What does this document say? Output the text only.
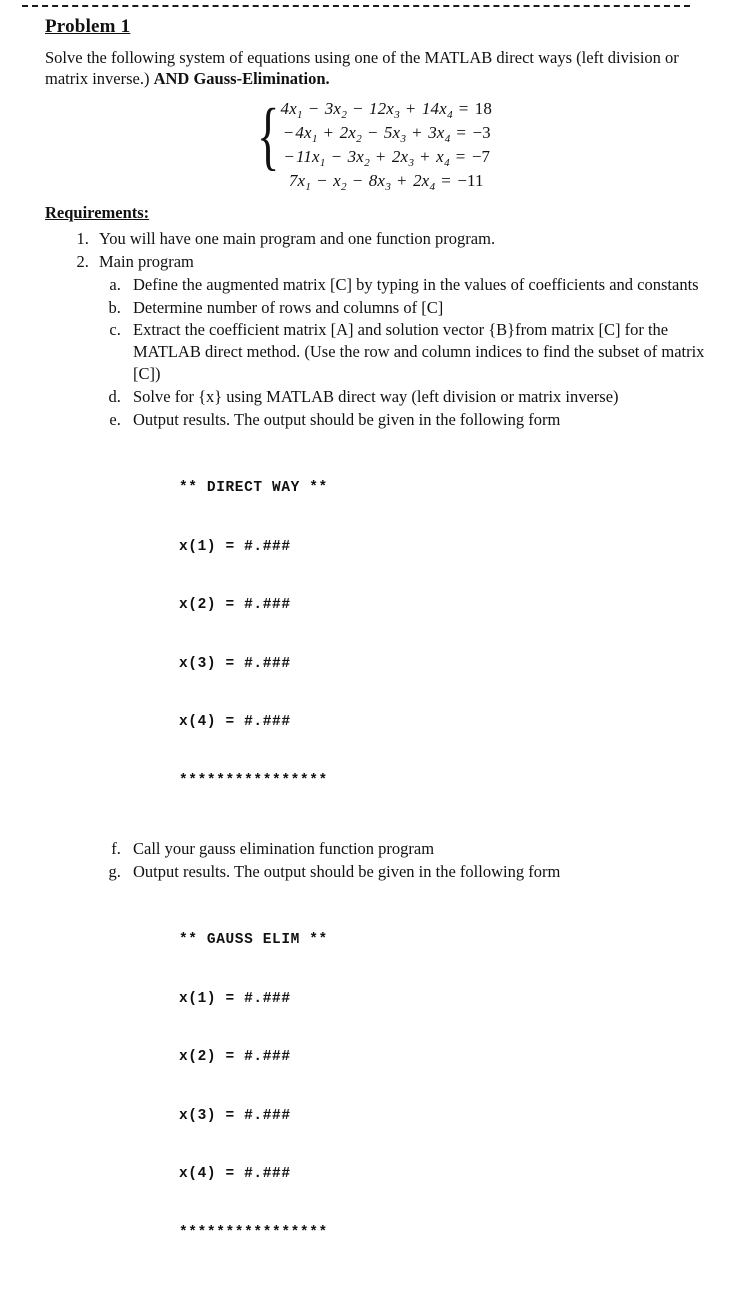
Problem 1

Solve the following system of equations using one of the MATLAB direct ways (left division or matrix inverse.) AND Gauss-Elimination.

{ $4x_1 - 3x_2 - 12x_3 + 14x_4 = 18$
− $4x_1 + 2x_2 - 5x_3 + 3x_4 = -3$
− $11x_1 - 3x_2 + 2x_3 + x_4 = -7$
$7x_1 - x_2 - 8x_3 + 2x_4 = -11$
Requirements:
1. You will have one main program and one function program.
2. Main program
a. Define the augmented matrix [C] by typing in the values of coefficients and constants
b. Determine number of rows and columns of [C]
c. Extract the coefficient matrix [A] and solution vector {B}from matrix [C] for the MATLAB direct method. (Use the row and column indices to find the subset of matrix [C])
d. Solve for {x} using MATLAB direct way (left division or matrix inverse)
e. Output results. The output should be given in the following form

** DIRECT WAY **

x(1) = #.###

x(2) = #.###

x(3) = #.###

x(4) = #.###

****************

f. Call your gauss elimination function program
g. Output results. The output should be given in the following form

** GAUSS ELIM **

x(1) = #.###

x(2) = #.###

x(3) = #.###

x(4) = #.###

****************
